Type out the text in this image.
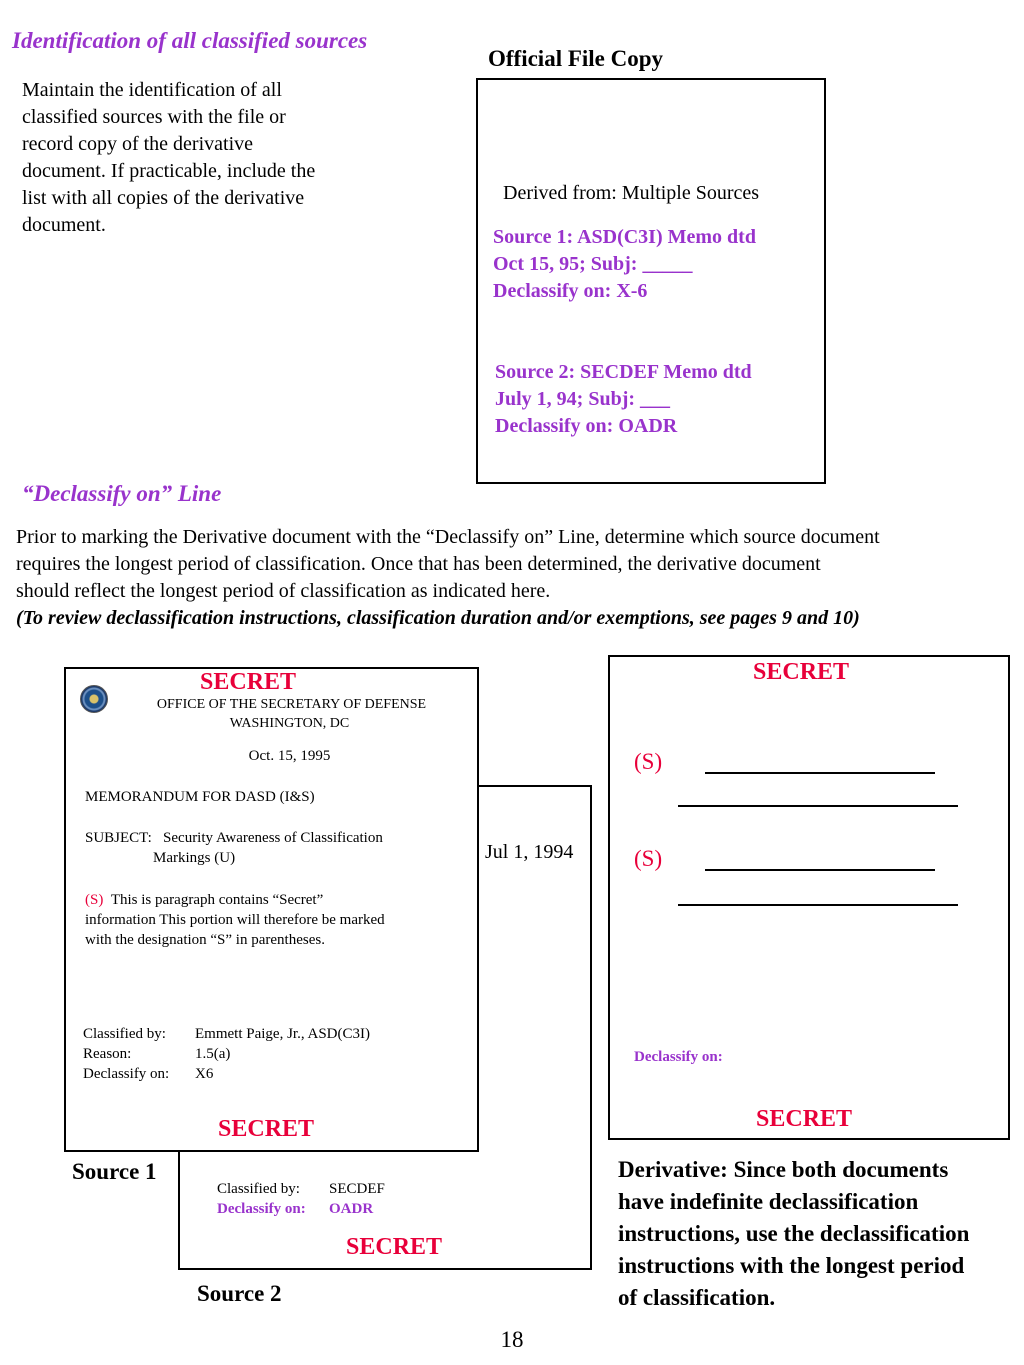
Identification of all classified sources
Maintain the identification of all
classified sources with the file or
record copy of the derivative
document. If practicable, include the
list with all copies of the derivative
document.
Official File Copy
Derived from: Multiple Sources
Source 1: ASD(C3I) Memo dtd
Oct 15, 95; Subj: _____
Declassify on: X-6
Source 2: SECDEF Memo dtd
July 1, 94; Subj: ___
Declassify on: OADR
“Declassify on” Line
Prior to marking the Derivative document with the “Declassify on” Line, determine which source document
requires the longest period of classification. Once that has been determined, the derivative document
should reflect the longest period of classification as indicated here.
(To review declassification instructions, classification duration and/or exemptions, see pages 9 and 10)
Jul 1, 1994
Classified by: SECDEF
Declassify on: OADR
SECRET
SECRET
OFFICE OF THE SECRETARY OF DEFENSE
WASHINGTON, DC
Oct. 15, 1995
MEMORANDUM FOR DASD (I&S)
SUBJECT: Security Awareness of Classification
Markings (U)
(S) This is paragraph contains “Secret”
information This portion will therefore be marked
with the designation “S” in parentheses.
Classified by: Emmett Paige, Jr., ASD(C3I)
Reason:	1.5(a)
Declassify on: X6
SECRET
Source 1
Source 2
SECRET
(S)
(S)
Declassify on:
SECRET
Derivative: Since both documents
have indefinite declassification
instructions, use the declassification
instructions with the longest period
of classification.
18
